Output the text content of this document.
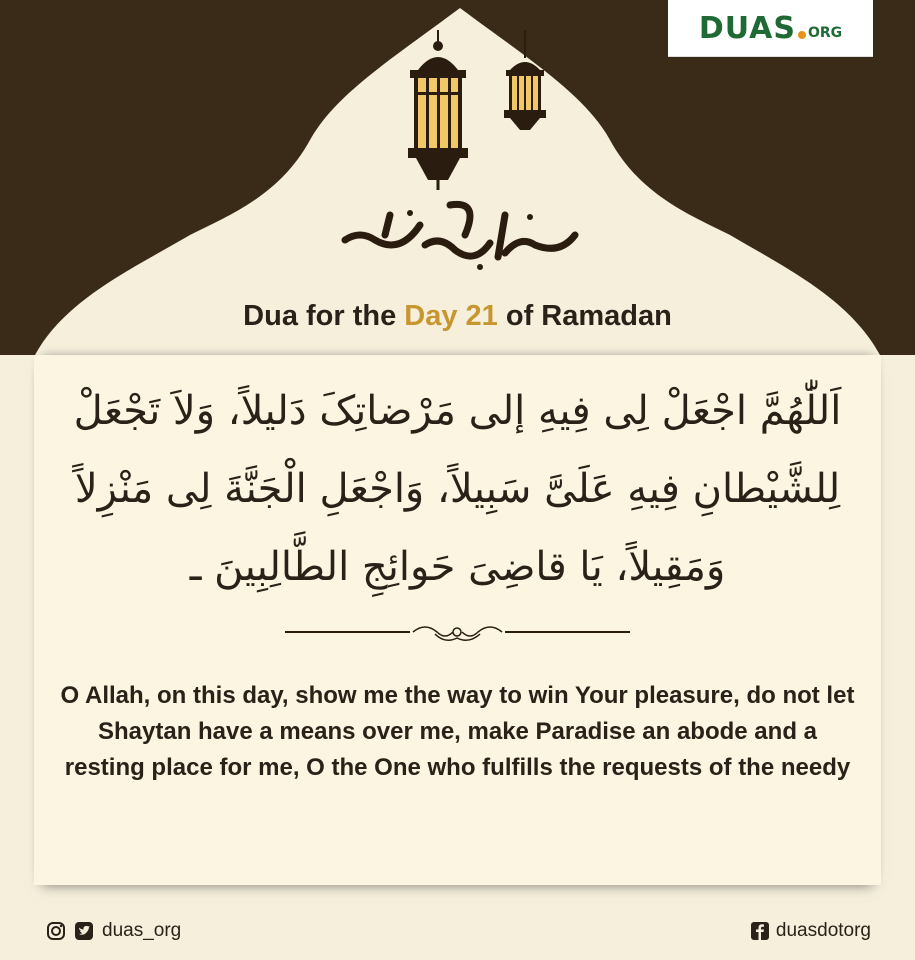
DUAS ORG
Dua for the Day 21 of Ramadan
اَللّٰهُمَّ اجْعَلْ لِی فِیهِ إلی مَرْضاتِکَ دَلیلاً، وَلاَ تَجْعَلْ لِلشَّیْطانِ فِیهِ عَلَیَّ سَبِیلاً، وَاجْعَلِ الْجَنَّةَ لِی مَنْزِلاً وَمَقِیلاً، یَا قاضِیَ حَوائِجِ الطَّالِبِینَ ـ
O Allah, on this day, show me the way to win Your pleasure, do not let Shaytan have a means over me, make Paradise an abode and a resting place for me, O the One who fulfills the requests of the needy
duas_org	duasdotorg
